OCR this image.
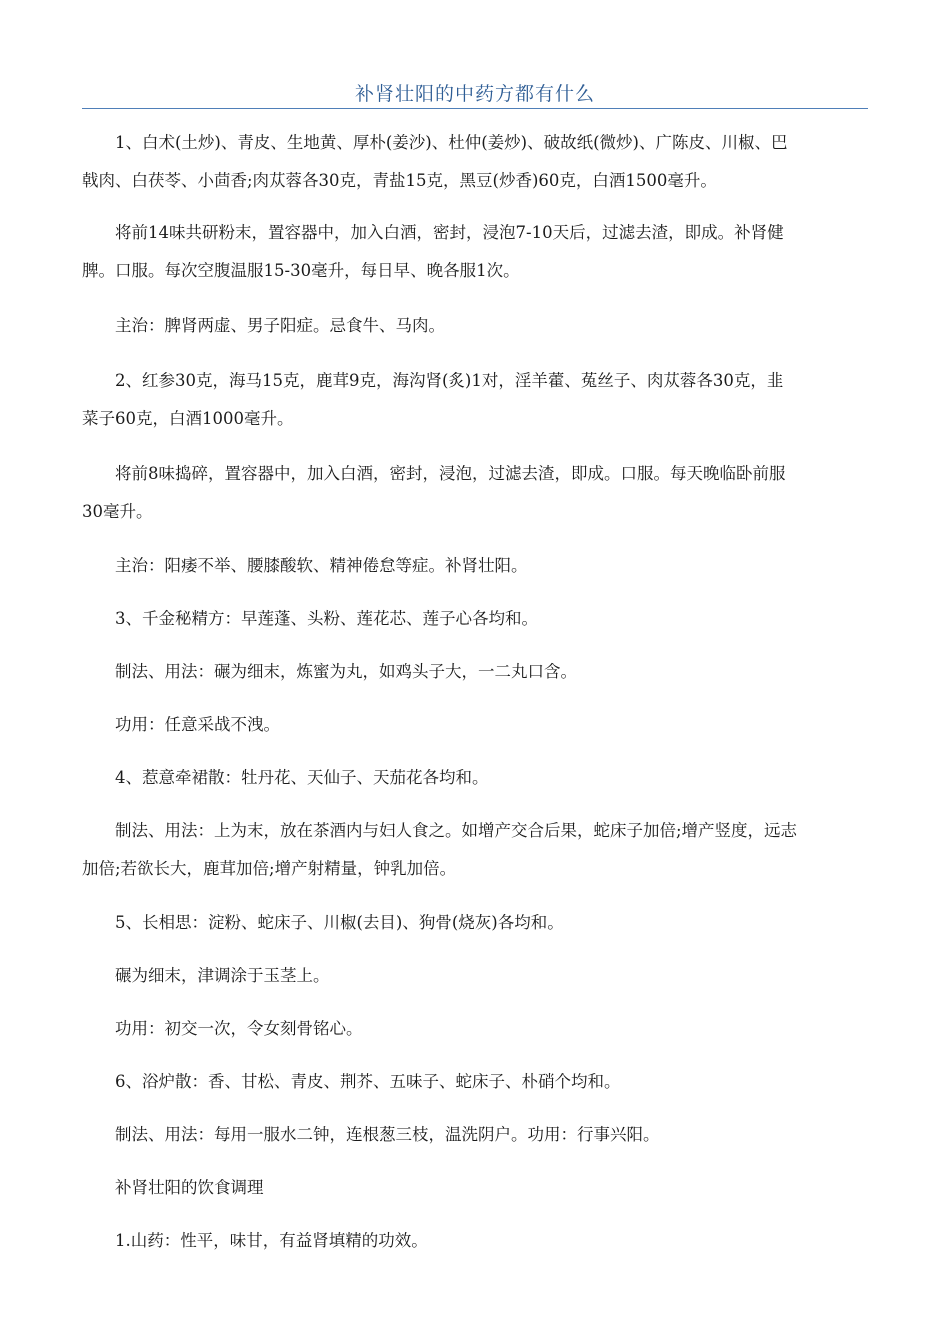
补肾壮阳的中药方都有什么

1、白术(土炒)、青皮、生地黄、厚朴(姜沙)、杜仲(姜炒)、破故纸(微炒)、广陈皮、川椒、巴
戟肉、白茯苓、小茴香;肉苁蓉各30克，青盐15克，黑豆(炒香)60克，白酒1500毫升。

将前14味共研粉末，置容器中，加入白酒，密封，浸泡7-10天后，过滤去渣，即成。补肾健
脾。口服。每次空腹温服15-30毫升，每日早、晚各服1次。

主治：脾肾两虚、男子阳症。忌食牛、马肉。

2、红参30克，海马15克，鹿茸9克，海沟肾(炙)1对，淫羊藿、菟丝子、肉苁蓉各30克，韭
菜子60克，白酒1000毫升。

将前8味捣碎，置容器中，加入白酒，密封，浸泡，过滤去渣，即成。口服。每天晚临卧前服
30毫升。

主治：阳痿不举、腰膝酸软、精神倦怠等症。补肾壮阳。

3、千金秘精方：早莲蓬、头粉、莲花芯、莲子心各均和。

制法、用法：碾为细末，炼蜜为丸，如鸡头子大，一二丸口含。

功用：任意采战不洩。

4、惹意牵裙散：牡丹花、天仙子、天茄花各均和。

制法、用法：上为末，放在茶酒内与妇人食之。如增产交合后果，蛇床子加倍;增产竖度，远志
加倍;若欲长大，鹿茸加倍;增产射精量，钟乳加倍。

5、长相思：淀粉、蛇床子、川椒(去目)、狗骨(烧灰)各均和。

碾为细末，津调涂于玉茎上。

功用：初交一次，令女刻骨铭心。

6、浴炉散：香、甘松、青皮、荆芥、五味子、蛇床子、朴硝个均和。

制法、用法：每用一服水二钟，连根葱三枝，温洗阴户。功用：行事兴阳。

补肾壮阳的饮食调理

1.山药：性平，味甘，有益肾填精的功效。
